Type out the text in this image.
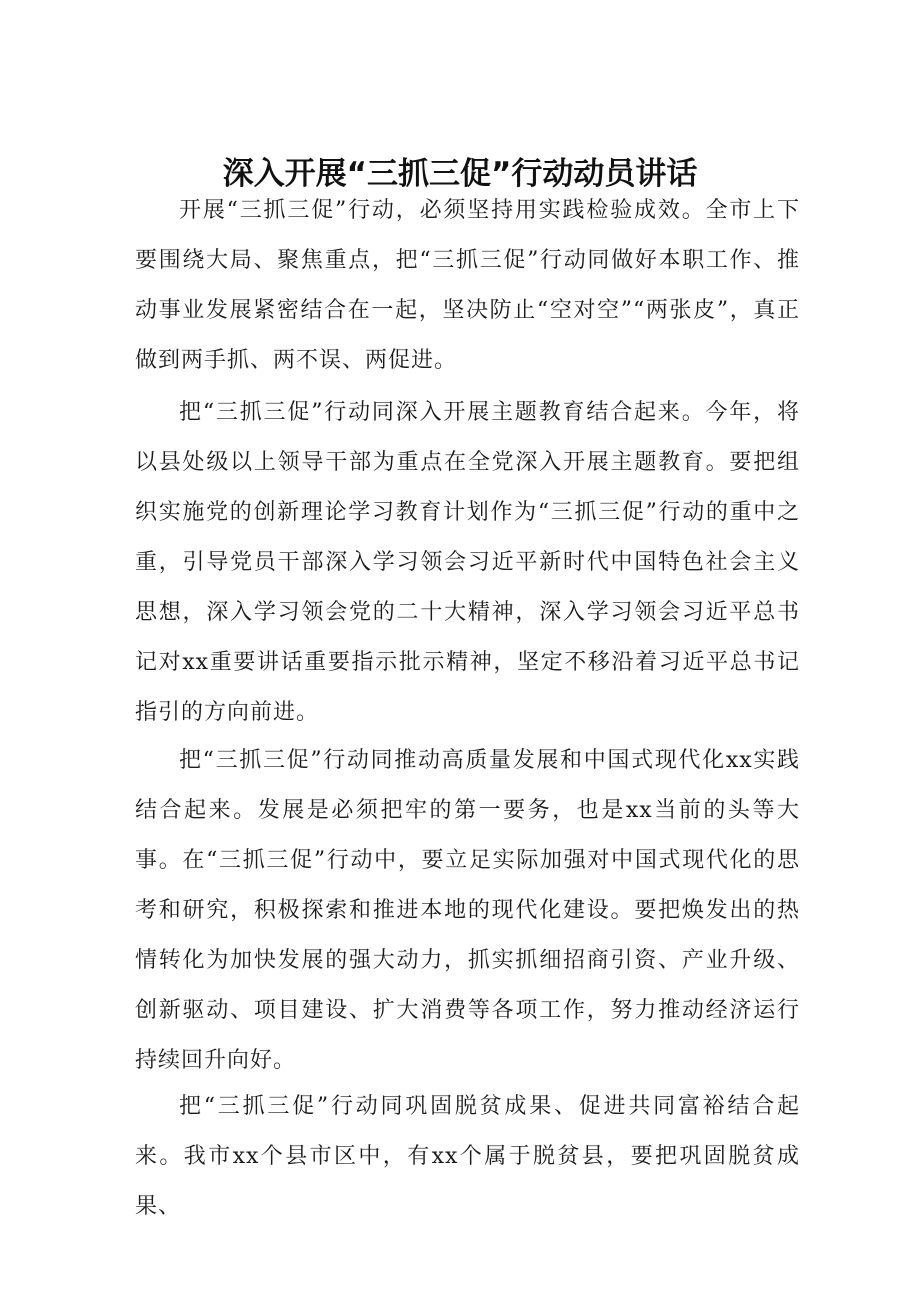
深入开展“三抓三促”行动动员讲话

开展“三抓三促”行动，必须坚持用实践检验成效。全市上下要围绕大局、聚焦重点，把“三抓三促”行动同做好本职工作、推动事业发展紧密结合在一起，坚决防止“空对空”“两张皮”，真正做到两手抓、两不误、两促进。

把“三抓三促”行动同深入开展主题教育结合起来。今年，将以县处级以上领导干部为重点在全党深入开展主题教育。要把组织实施党的创新理论学习教育计划作为“三抓三促”行动的重中之重，引导党员干部深入学习领会习近平新时代中国特色社会主义思想，深入学习领会党的二十大精神，深入学习领会习近平总书记对xx重要讲话重要指示批示精神，坚定不移沿着习近平总书记指引的方向前进。

把“三抓三促”行动同推动高质量发展和中国式现代化xx实践结合起来。发展是必须把牢的第一要务，也是xx当前的头等大事。在“三抓三促”行动中，要立足实际加强对中国式现代化的思考和研究，积极探索和推进本地的现代化建设。要把焕发出的热情转化为加快发展的强大动力，抓实抓细招商引资、产业升级、创新驱动、项目建设、扩大消费等各项工作，努力推动经济运行持续回升向好。

把“三抓三促”行动同巩固脱贫成果、促进共同富裕结合起来。我市xx个县市区中，有xx个属于脱贫县，要把巩固脱贫成果、
